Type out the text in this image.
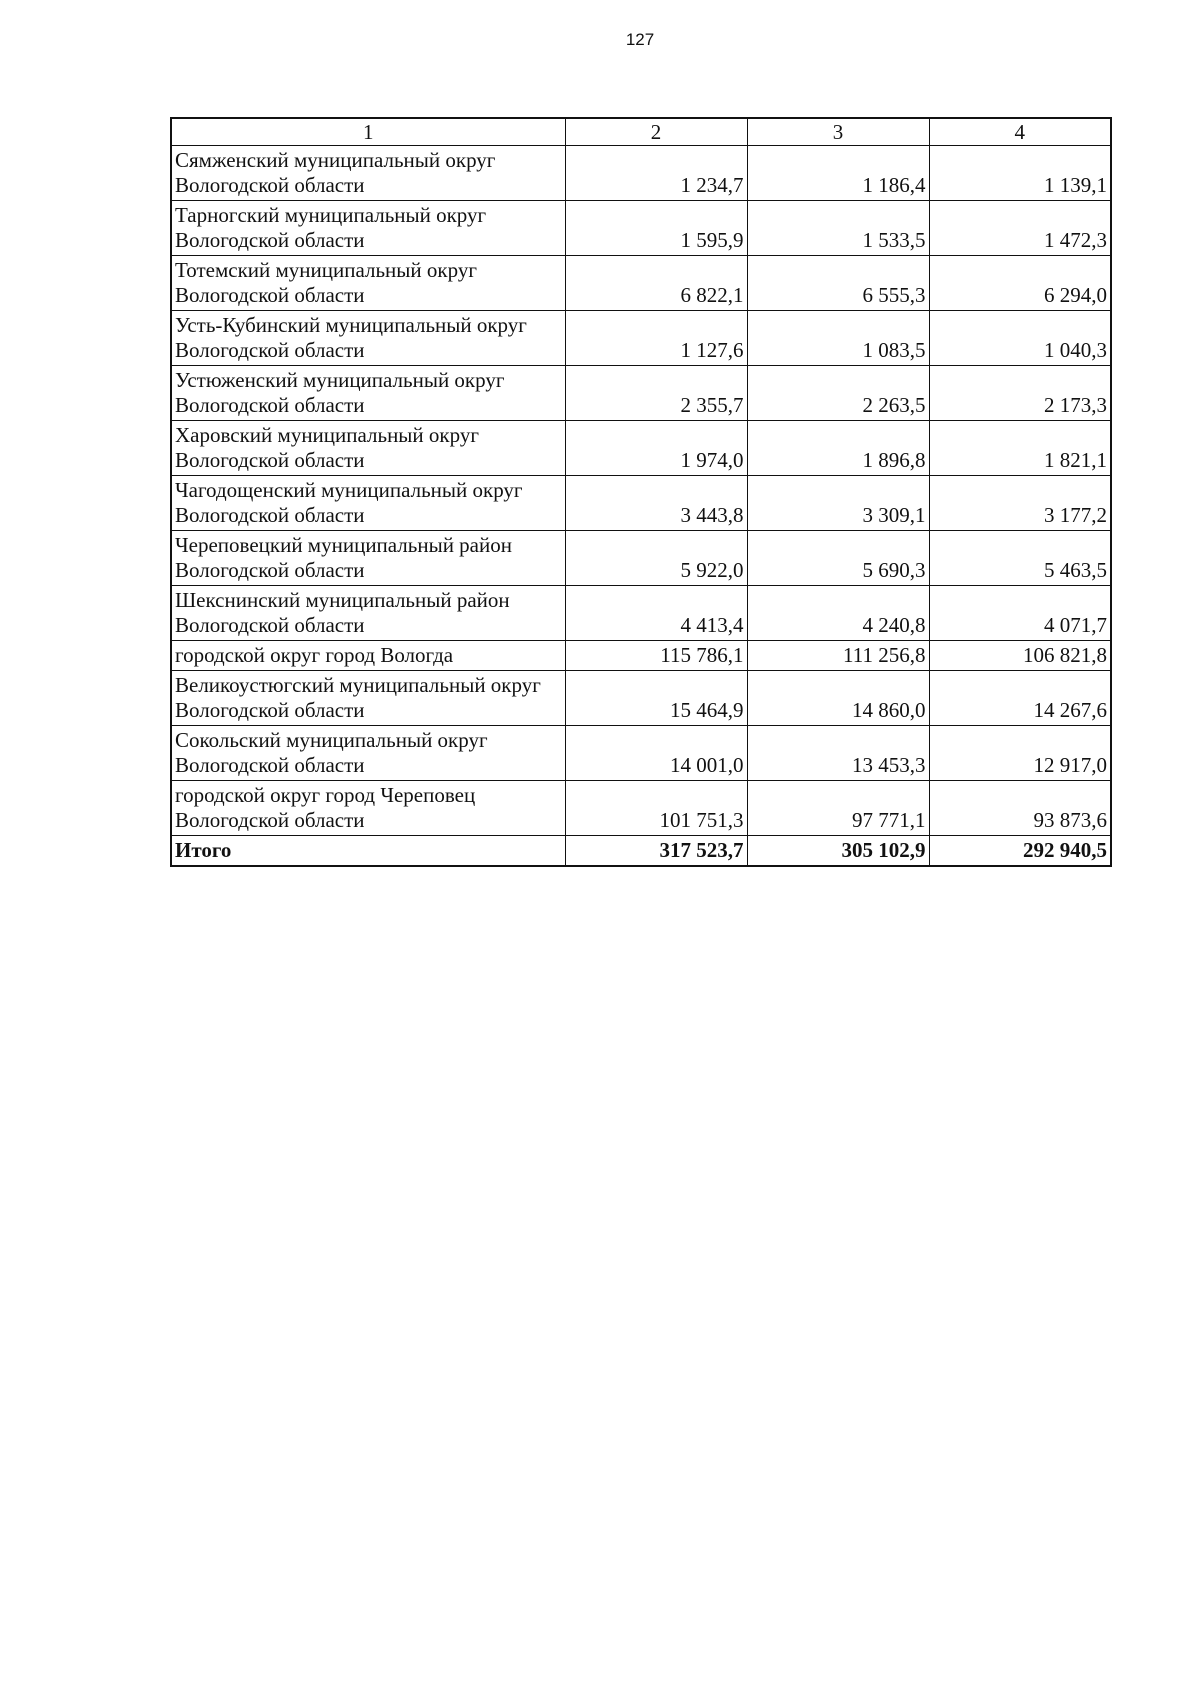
127
1	2	3	4
Сямженский муниципальный округ Вологодской области	1 234,7	1 186,4	1 139,1
Тарногский муниципальный округ Вологодской области	1 595,9	1 533,5	1 472,3
Тотемский муниципальный округ Вологодской области	6 822,1	6 555,3	6 294,0
Усть-Кубинский муниципальный округ Вологодской области	1 127,6	1 083,5	1 040,3
Устюженский муниципальный округ Вологодской области	2 355,7	2 263,5	2 173,3
Харовский муниципальный округ Вологодской области	1 974,0	1 896,8	1 821,1
Чагодощенский муниципальный округ Вологодской области	3 443,8	3 309,1	3 177,2
Череповецкий муниципальный район Вологодской области	5 922,0	5 690,3	5 463,5
Шекснинский муниципальный район Вологодской области	4 413,4	4 240,8	4 071,7
городской округ город Вологда	115 786,1	111 256,8	106 821,8
Великоустюгский муниципальный округ Вологодской области	15 464,9	14 860,0	14 267,6
Сокольский муниципальный округ Вологодской области	14 001,0	13 453,3	12 917,0
городской округ город Череповец Вологодской области	101 751,3	97 771,1	93 873,6
Итого	317 523,7	305 102,9	292 940,5
